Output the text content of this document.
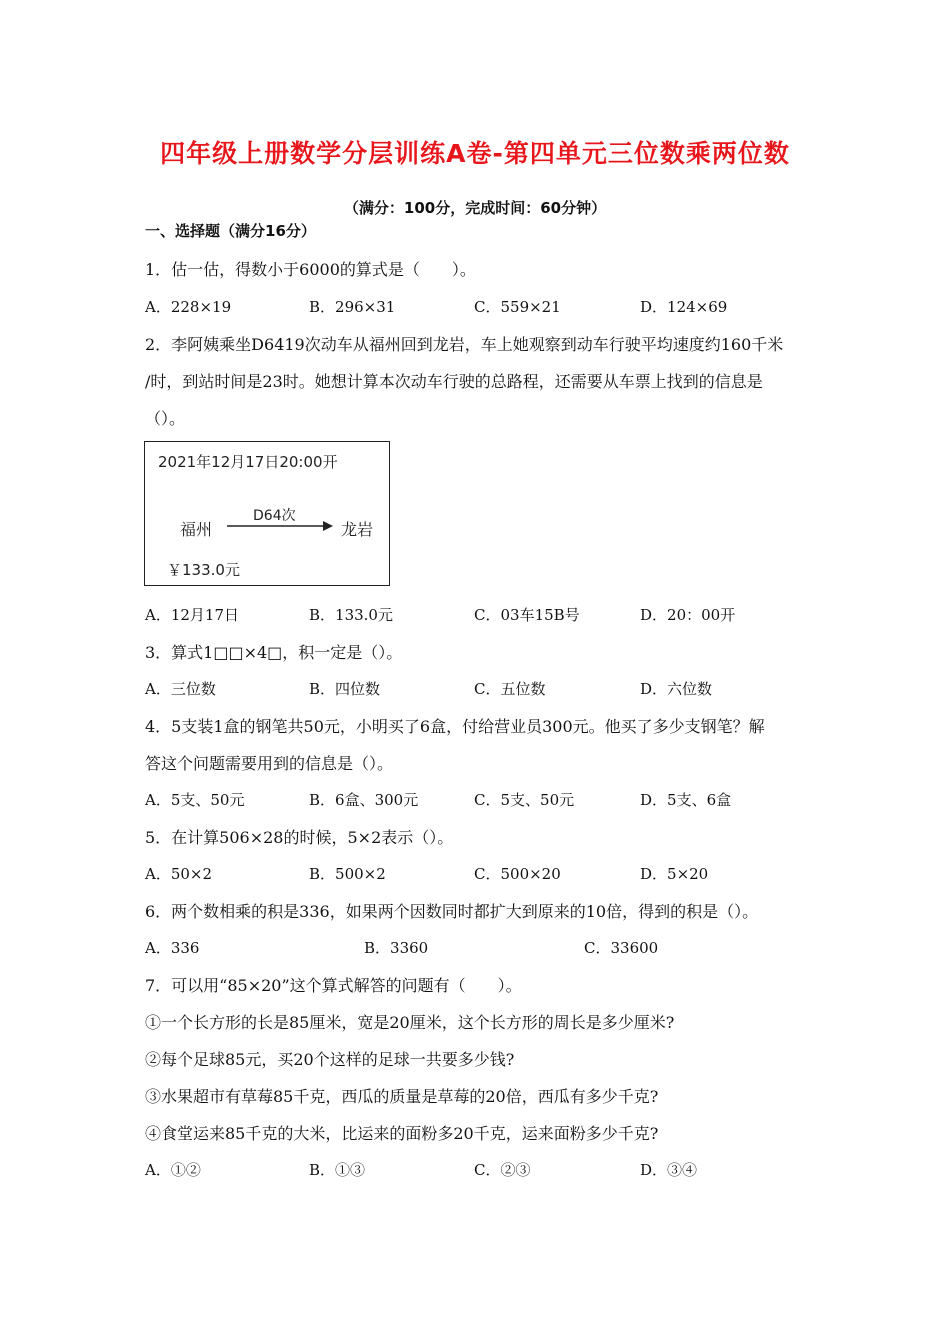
四年级上册数学分层训练A卷-第四单元三位数乘两位数
（满分：100分，完成时间：60分钟）
一、选择题（满分16分）
1．估一估，得数小于6000的算式是（　　）。
A．228×19	B．296×31	C．559×21	D．124×69
2．李阿姨乘坐D6419次动车从福州回到龙岩，车上她观察到动车行驶平均速度约160千米
/时，到站时间是23时。她想计算本次动车行驶的总路程，还需要从车票上找到的信息是
（）。
2021年12月17日20:00开
D64次
福州	龙岩
￥133.0元
A．12月17日	B．133.0元	C．03车15B号	D．20：00开
3．算式1□□×4□，积一定是（）。
A．三位数	B．四位数	C．五位数	D．六位数
4．5支装1盒的钢笔共50元，小明买了6盒，付给营业员300元。他买了多少支钢笔？解
答这个问题需要用到的信息是（）。
A．5支、50元	B．6盒、300元	C．5支、50元	D．5支、6盒
5．在计算506×28的时候，5×2表示（）。
A．50×2	B．500×2	C．500×20	D．5×20
6．两个数相乘的积是336，如果两个因数同时都扩大到原来的10倍，得到的积是（）。
A．336	B．3360	C．33600
7．可以用“85×20”这个算式解答的问题有（　　）。
①一个长方形的长是85厘米，宽是20厘米，这个长方形的周长是多少厘米?
②每个足球85元，买20个这样的足球一共要多少钱?
③水果超市有草莓85千克，西瓜的质量是草莓的20倍，西瓜有多少千克?
④食堂运来85千克的大米，比运来的面粉多20千克，运来面粉多少千克?
A．①②	B．①③	C．②③	D．③④
